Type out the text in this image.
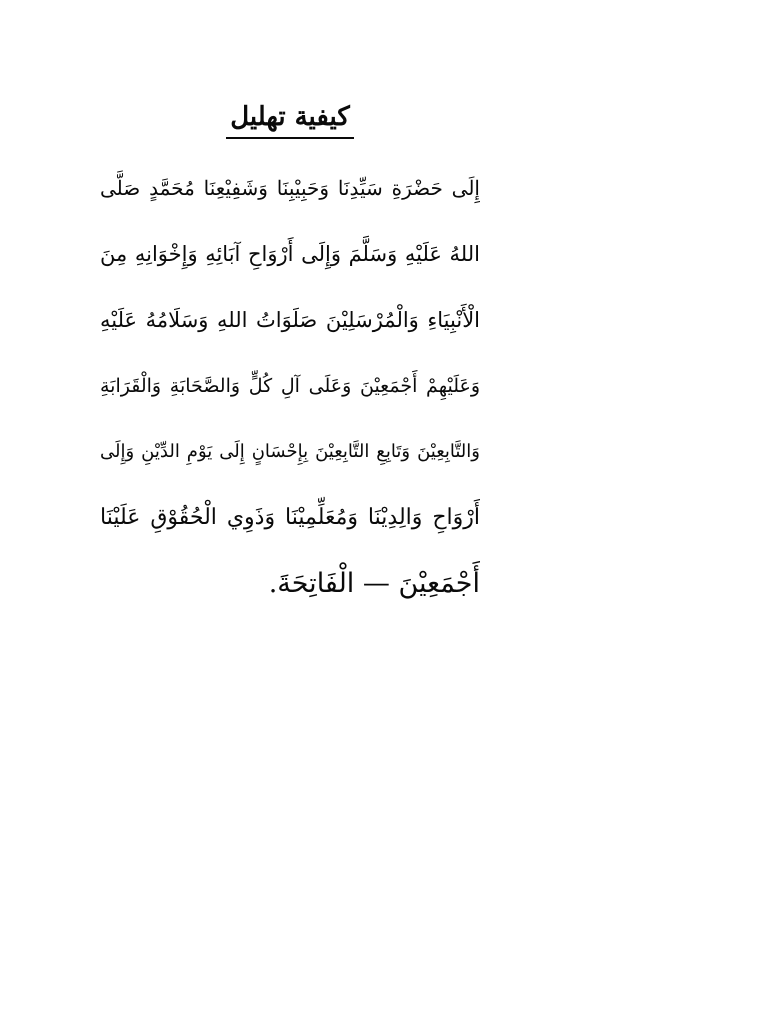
كيفية تهليل
إِلَى حَضْرَةِ سَيِّدِنَا وَحَبِيْبِنَا وَشَفِيْعِنَا مُحَمَّدٍ صَلَّى
اللهُ عَلَيْهِ وَسَلَّمَ وَإِلَى أَرْوَاحِ آبَائِهِ وَإِخْوَانِهِ مِنَ
الْأَنْبِيَاءِ وَالْمُرْسَلِيْنَ صَلَوَاتُ اللهِ وَسَلَامُهُ عَلَيْهِ
وَعَلَيْهِمْ أَجْمَعِيْنَ وَعَلَى آلِ كُلٍّ وَالصَّحَابَةِ وَالْقَرَابَةِ
وَالتَّابِعِيْنَ وَتَابِعِ التَّابِعِيْنَ بِإِحْسَانٍ إِلَى يَوْمِ الدِّيْنِ وَإِلَى
أَرْوَاحِ وَالِدِيْنَا وَمُعَلِّمِيْنَا وَذَوِي الْحُقُوْقِ عَلَيْنَا
أَجْمَعِيْنَ — الْفَاتِحَةَ.
